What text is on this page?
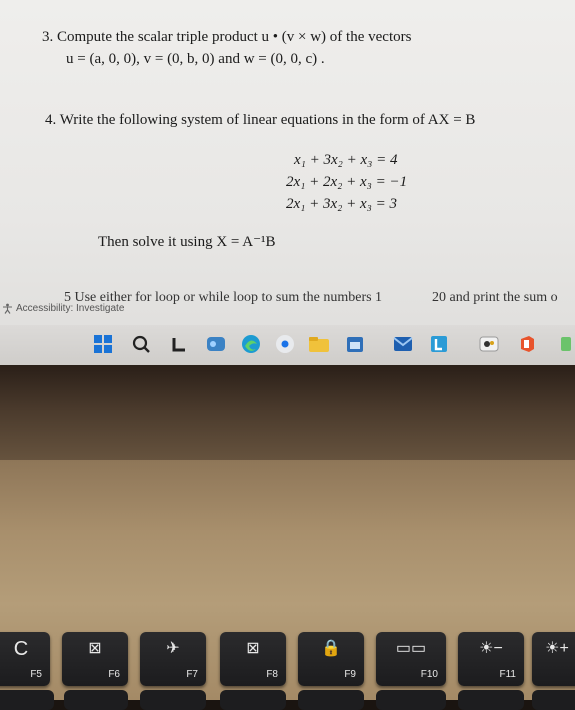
3. Compute the scalar triple product u • (v × w) of the vectors
u = (a, 0, 0), v = (0, b, 0) and w = (0, 0, c) .
4. Write the following system of linear equations in the form of AX = B
x₁ + 3x₂ + x₃ = 4
2x₁ + 2x₂ + x₃ = −1
2x₁ + 3x₂ + x₃ = 3
Then solve it using X = A⁻¹B
5 Use either for loop or while loop to sum the numbers 1	20 and print the sum o
Accessibility: Investigate
C
F5
⊠
F6
✈
F7
⊠
F8
🔒
F9
▭▭
F10
☀−
F11
☀+
